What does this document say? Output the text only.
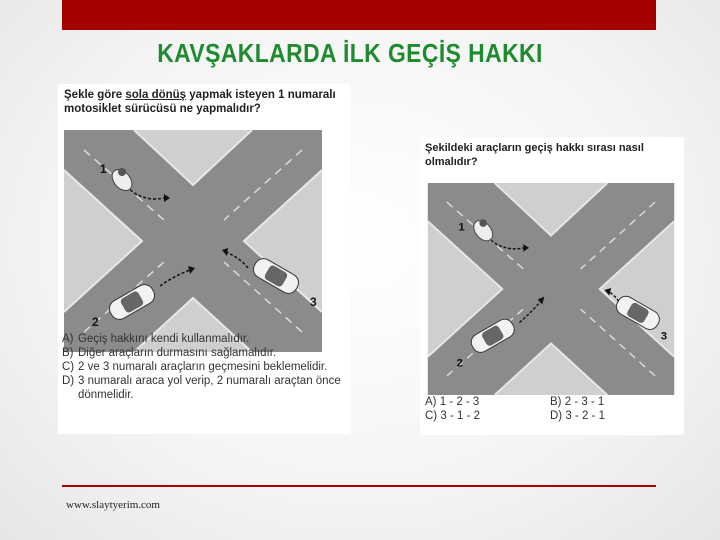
KAVŞAKLARDA İLK GEÇİŞ HAKKI

Şekle göre sola dönüş yapmak isteyen 1 numaralı motosiklet sürücüsü ne yapmalıdır?

1
2
3
A) Geçiş hakkını kendi kullanmalıdır.
B) Diğer araçların durmasını sağlamalıdır.
C) 2 ve 3 numaralı araçların geçmesini beklemelidir.
D) 3 numaralı araca yol verip, 2 numaralı araçtan önce dönmelidir.

Şekildeki araçların geçiş hakkı sırası nasıl olmalıdır?

1
2
3
A) 1 - 2 - 3	B) 2 - 3 - 1
C) 3 - 1 - 2	D) 3 - 2 - 1
www.slaytyerim.com
